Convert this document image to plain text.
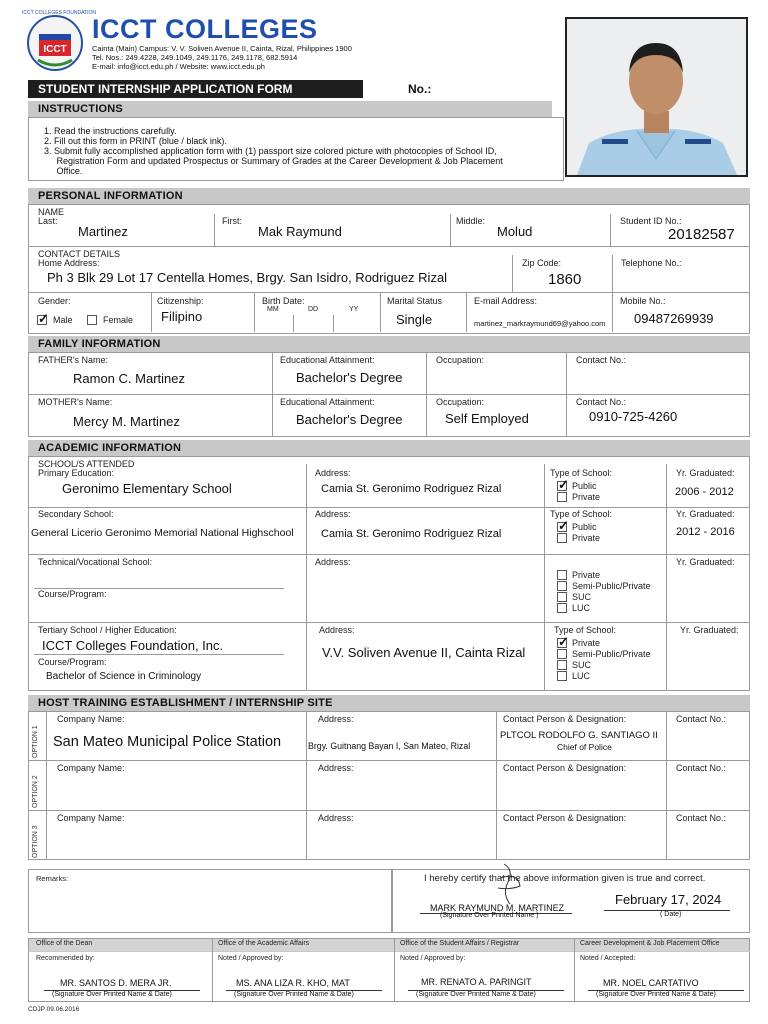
ICCT
ICCT COLLEGES FOUNDATION
ICCT COLLEGES
Cainta (Main) Campus: V. V. Soliven Avenue II, Cainta, Rizal, Philippines 1900
Tel. Nos.: 249.4228, 249.1049, 249.1176, 249.1178, 682.5914
E-mail: info@icct.edu.ph / Website: www.icct.edu.ph
STUDENT INTERNSHIP APPLICATION FORM	No.:
INSTRUCTIONS
1. Read the instructions carefully.
2. Fill out this form in PRINT (blue / black ink).
3. Submit fully accomplished application form with (1) passport size colored picture with photocopies of School ID,
Registration Form and updated Prospectus or Summary of Grades at the Career Development & Job Placement
Office.
PERSONAL INFORMATION
NAME
Last:
Martinez
First:
Mak Raymund
Middle:
Molud
Student ID No.:
20182587
CONTACT DETAILS
Home Address:
Ph 3 Blk 29 Lot 17 Centella Homes, Brgy. San Isidro, Rodriguez Rizal
Zip Code:
1860
Telephone No.:
Gender:
✓
Male	Female
Citizenship:
Filipino
Birth Date:
MM	DD	YY
Marital Status
Single
E-mail Address:
martinez_markraymund69@yahoo.com
Mobile No.:
09487269939
FAMILY INFORMATION
FATHER's Name:
Ramon C. Martinez
Educational Attainment:
Bachelor's Degree
Occupation:	Contact No.:
MOTHER's Name:
Mercy M. Martinez
Educational Attainment:
Bachelor's Degree
Occupation:
Self Employed
Contact No.:
0910-725-4260
ACADEMIC INFORMATION
SCHOOL/S ATTENDED
Primary Education:
Geronimo Elementary School
Address:
Camia St. Geronimo Rodriguez Rizal
Type of School:
✓
Public
Private
Yr. Graduated:
2006 - 2012
Secondary School:
General Licerio Geronimo Memorial National Highschool
Address:
Camia St. Geronimo Rodriguez Rizal
Type of School:
✓
Public
Private
Yr. Graduated:
2012 - 2016
Technical/Vocational School:
Course/Program:
Address:
Private
Semi-Public/Private
SUC
LUC
Yr. Graduated:
Tertiary School / Higher Education:
ICCT Colleges Foundation, Inc.
Course/Program:
Bachelor of Science in Criminology
Address:
V.V. Soliven Avenue II, Cainta Rizal
Type of School:
✓
Private
Semi-Public/Private
SUC
LUC
Yr. Graduated:
HOST TRAINING ESTABLISHMENT / INTERNSHIP SITE
OPTION 1
OPTION 2
OPTION 3
Company Name:
San Mateo Municipal Police Station
Address:
Brgy. Guitnang Bayan I, San Mateo, Rizal
Contact Person & Designation:
PLTCOL RODOLFO G. SANTIAGO II
Chief of Police
Contact No.:
Company Name:	Address:	Contact Person & Designation:	Contact No.:
Company Name:	Address:	Contact Person & Designation:	Contact No.:
Remarks:	I hereby certify that the above information given is true and correct.
MARK RAYMUND M. MARTINEZ
(Signature Over Printed Name )
February 17, 2024
( Date)
Office of the Dean
Recommended by:
MR. SANTOS D. MERA JR.
(Signature Over Printed Name & Date)
Office of the Academic Affairs
Noted / Approved by:
MS. ANA LIZA R. KHO, MAT
(Signature Over Printed Name & Date)
Office of the Student Affairs / Registrar
Noted / Approved by:
MR. RENATO A. PARINGIT
(Signature Over Printed Name & Date)
Career Development & Job Placement Office
Noted / Accepted:
MR. NOEL CARTATIVO
(Signature Over Printed Name & Date)
CDJP 09.06.2016
